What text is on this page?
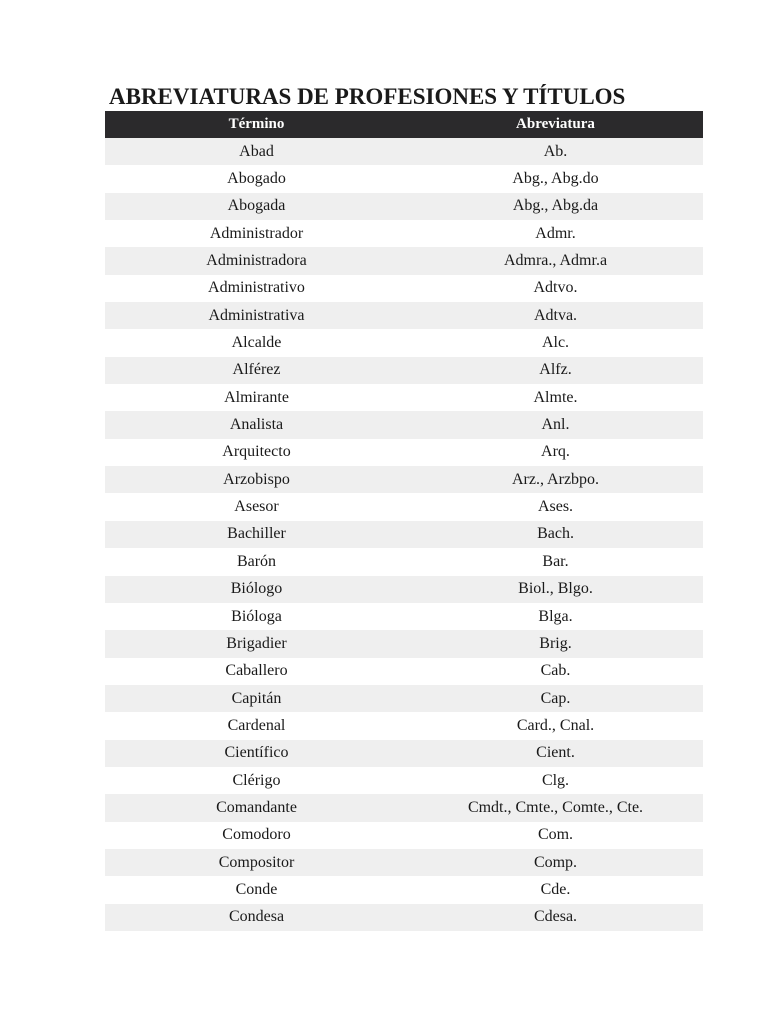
ABREVIATURAS DE PROFESIONES Y TÍTULOS
Término	Abreviatura
Abad	Ab.
Abogado	Abg., Abg.do
Abogada	Abg., Abg.da
Administrador	Admr.
Administradora	Admra., Admr.a
Administrativo	Adtvo.
Administrativa	Adtva.
Alcalde	Alc.
Alférez	Alfz.
Almirante	Almte.
Analista	Anl.
Arquitecto	Arq.
Arzobispo	Arz., Arzbpo.
Asesor	Ases.
Bachiller	Bach.
Barón	Bar.
Biólogo	Biol., Blgo.
Bióloga	Blga.
Brigadier	Brig.
Caballero	Cab.
Capitán	Cap.
Cardenal	Card., Cnal.
Científico	Cient.
Clérigo	Clg.
Comandante	Cmdt., Cmte., Comte., Cte.
Comodoro	Com.
Compositor	Comp.
Conde	Cde.
Condesa	Cdesa.
